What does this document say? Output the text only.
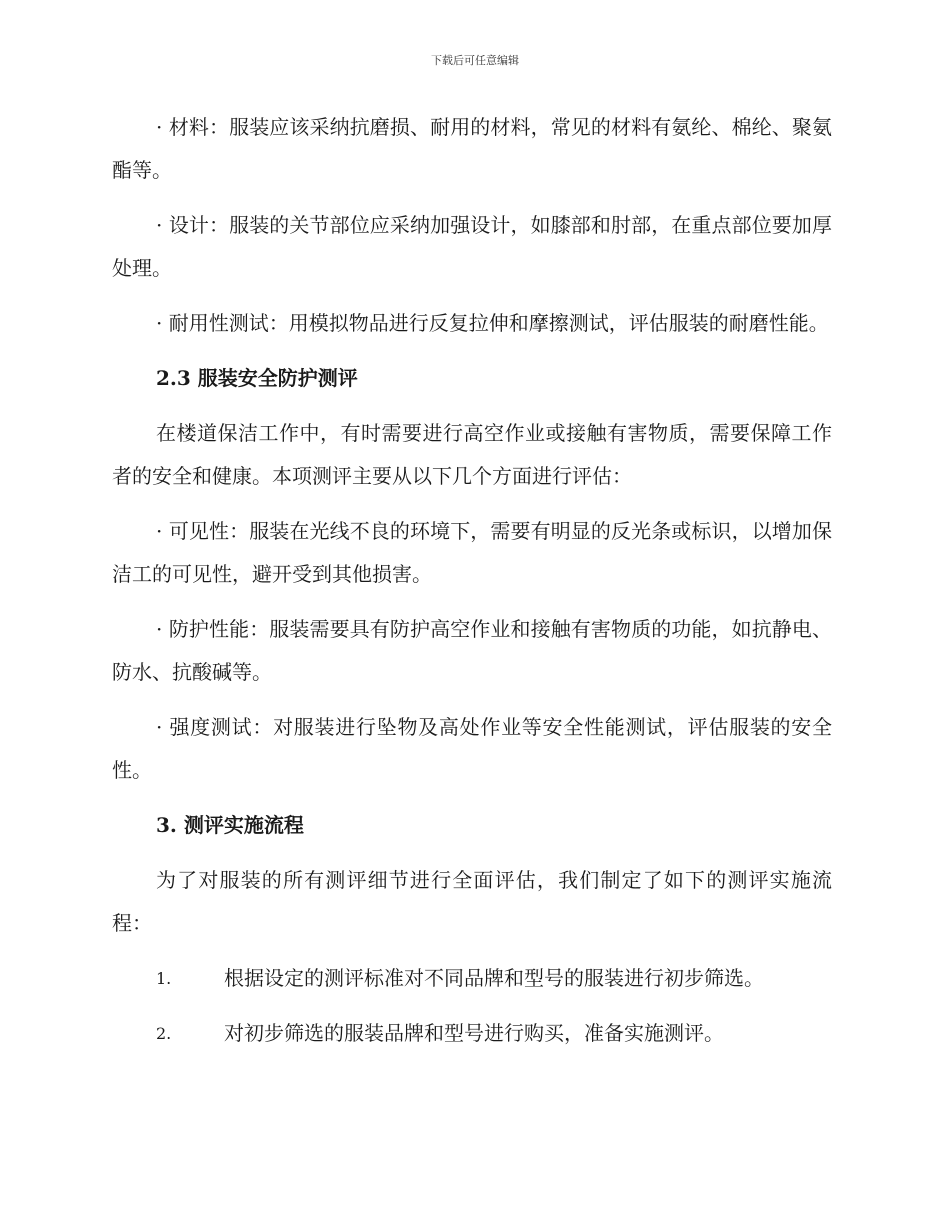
下载后可任意编辑

· 材料：服装应该采纳抗磨损、耐用的材料，常见的材料有氨纶、棉纶、聚氨酯等。

· 设计：服装的关节部位应采纳加强设计，如膝部和肘部，在重点部位要加厚处理。

· 耐用性测试：用模拟物品进行反复拉伸和摩擦测试，评估服装的耐磨性能。

2.3 服装安全防护测评

在楼道保洁工作中，有时需要进行高空作业或接触有害物质，需要保障工作者的安全和健康。本项测评主要从以下几个方面进行评估：

· 可见性：服装在光线不良的环境下，需要有明显的反光条或标识，以增加保洁工的可见性，避开受到其他损害。

· 防护性能：服装需要具有防护高空作业和接触有害物质的功能，如抗静电、防水、抗酸碱等。

· 强度测试：对服装进行坠物及高处作业等安全性能测试，评估服装的安全性。

3. 测评实施流程

为了对服装的所有测评细节进行全面评估，我们制定了如下的测评实施流程：

1.	根据设定的测评标准对不同品牌和型号的服装进行初步筛选。
2.	对初步筛选的服装品牌和型号进行购买，准备实施测评。
